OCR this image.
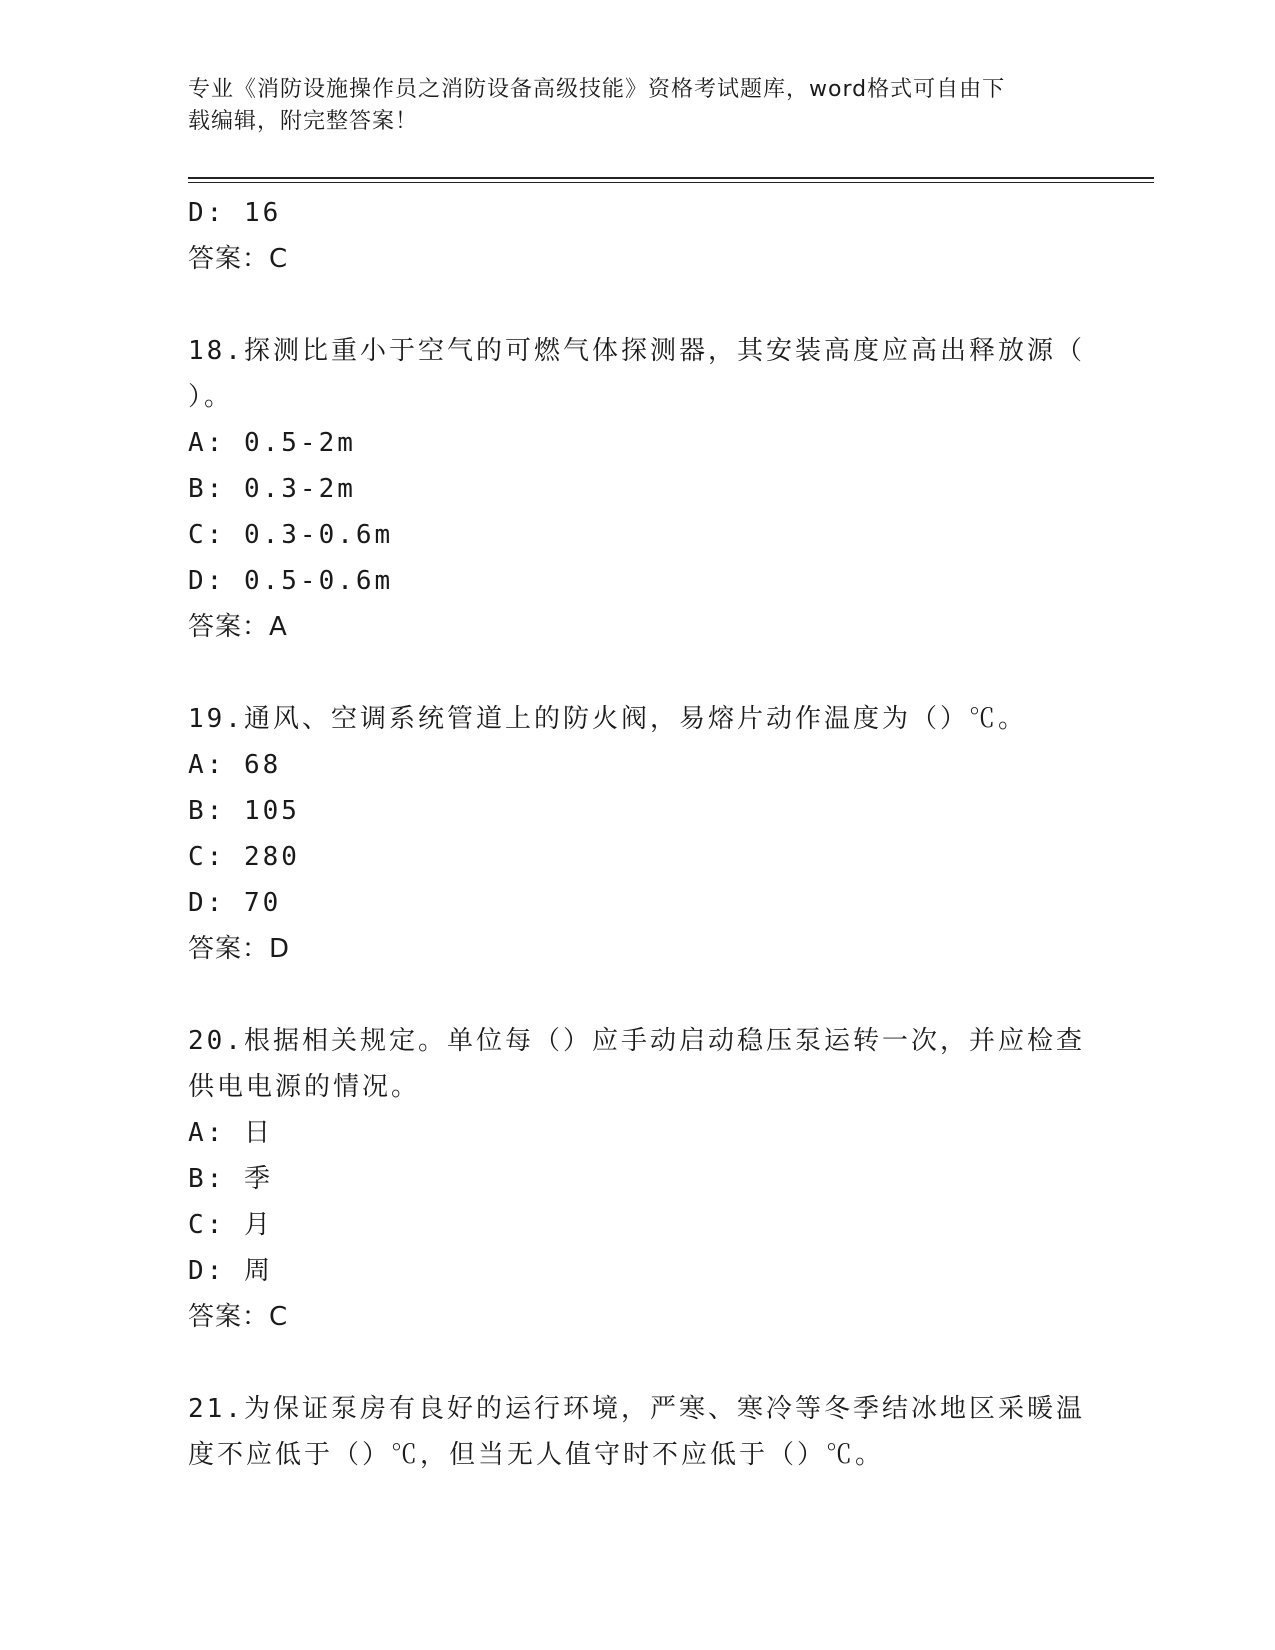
专业《消防设施操作员之消防设备高级技能》资格考试题库，word格式可自由下
载编辑，附完整答案！
D: 16
答案：C
18.探测比重小于空气的可燃气体探测器，其安装高度应高出释放源（
）。
A: 0.5-2m
B: 0.3-2m
C: 0.3-0.6m
D: 0.5-0.6m
答案：A
19.通风、空调系统管道上的防火阀，易熔片动作温度为（）℃。
A: 68
B: 105
C: 280
D: 70
答案：D
20.根据相关规定。单位每（）应手动启动稳压泵运转一次，并应检查
供电电源的情况。
A: 日
B: 季
C: 月
D: 周
答案：C
21.为保证泵房有良好的运行环境，严寒、寒冷等冬季结冰地区采暖温
度不应低于（）℃，但当无人值守时不应低于（）℃。
